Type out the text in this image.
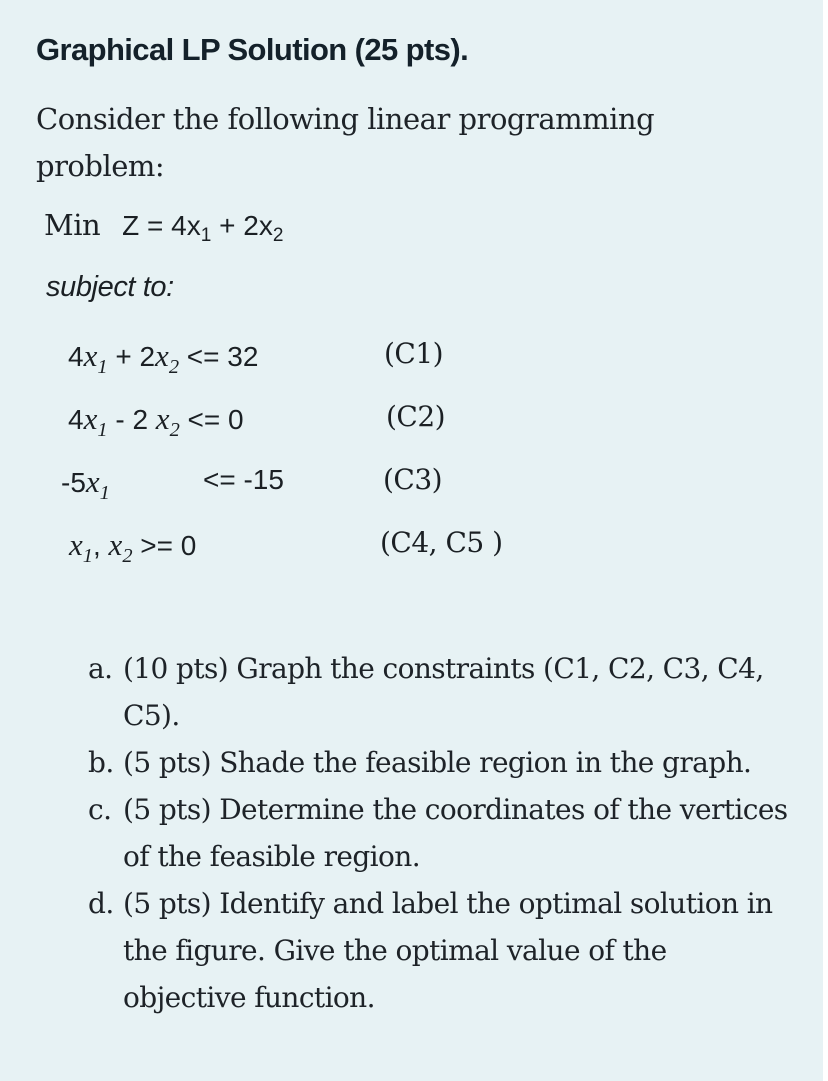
Graphical LP Solution (25 pts).
Consider the following linear programming problem:
Min $Z = 4x_1 + 2x_2$
subject to:
$4x_1 + 2x_2 <= 32$	(C1)
$4x_1 - 2$ $x_2 <= 0$	(C2)
$-5x_1$	<= -15	(C3)
$x_1$, $x_2 >= 0$	(C4, C5 )
a. (10 pts) Graph the constraints (C1, C2, C3, C4, C5).
b. (5 pts) Shade the feasible region in the graph.
c. (5 pts) Determine the coordinates of the vertices of the feasible region.
d. (5 pts) Identify and label the optimal solution in the figure. Give the optimal value of the objective function.
